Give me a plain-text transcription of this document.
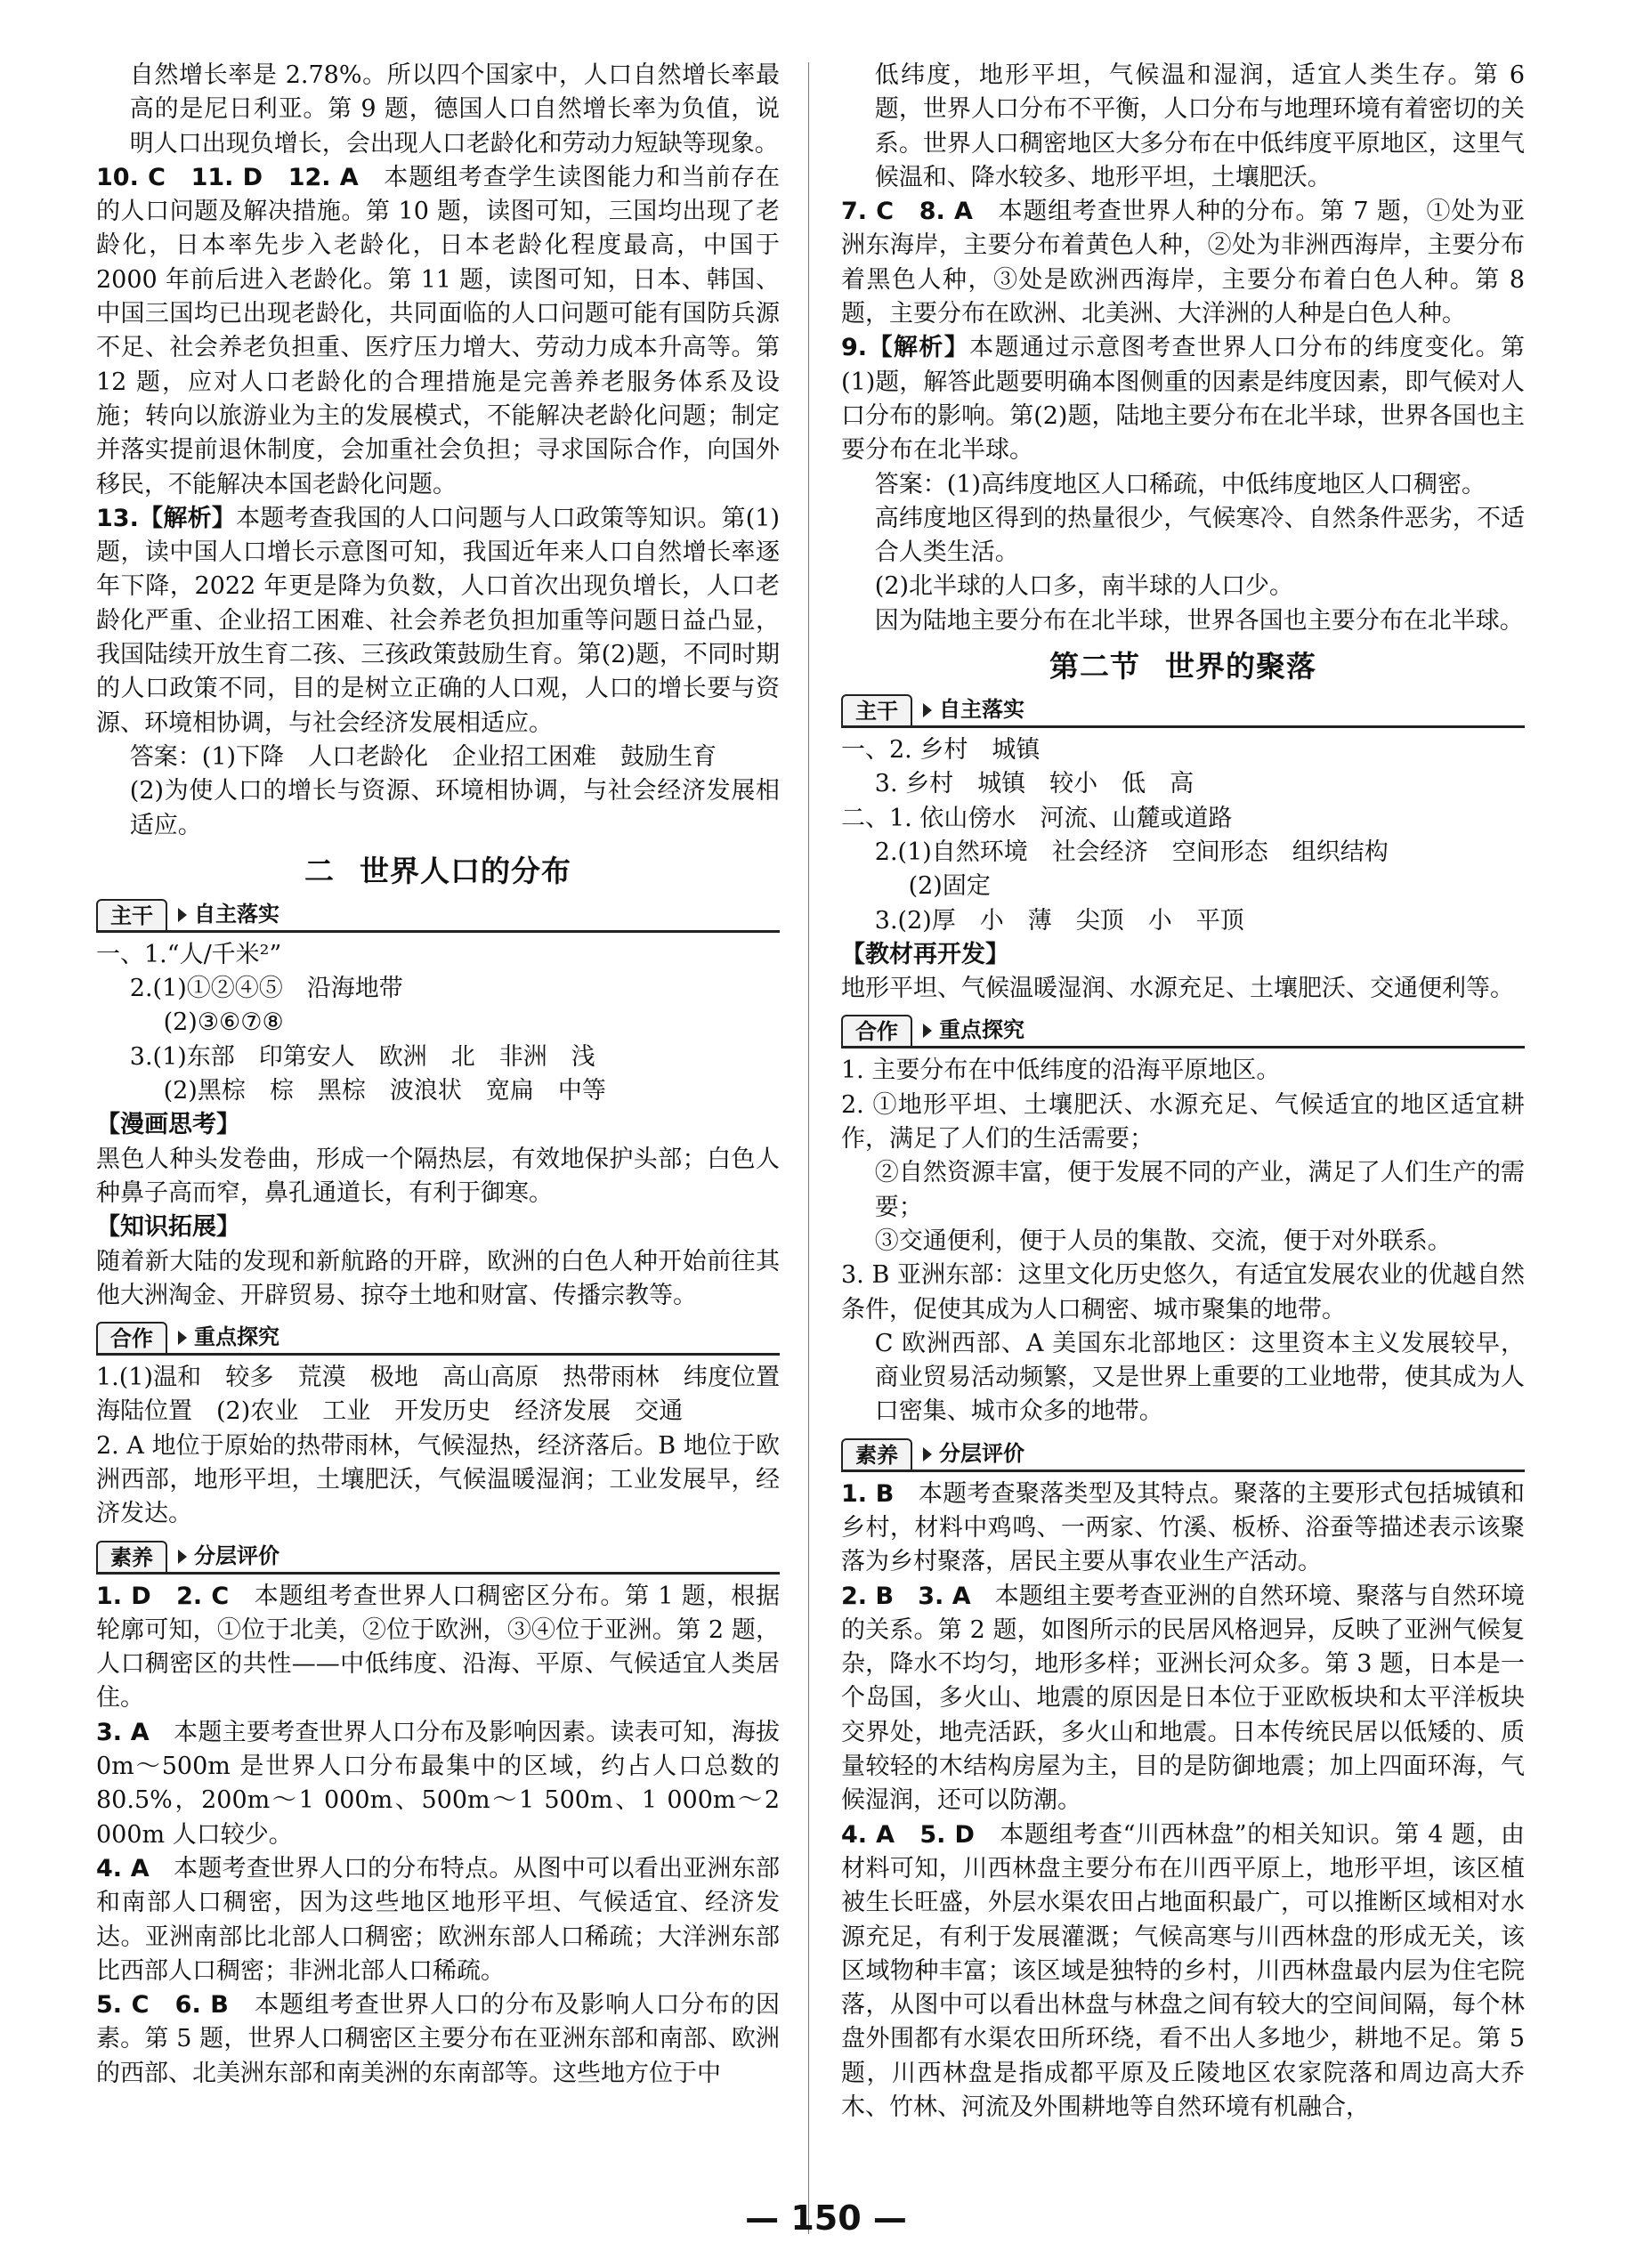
自然增长率是 2.78%。所以四个国家中，人口自然增长率最高的是尼日利亚。第 9 题，德国人口自然增长率为负值，说明人口出现负增长，会出现人口老龄化和劳动力短缺等现象。

10. C　11. D　12. A　 本题组考查学生读图能力和当前存在的人口问题及解决措施。第 10 题，读图可知，三国均出现了老龄化，日本率先步入老龄化，日本老龄化程度最高，中国于 2000 年前后进入老龄化。第 11 题，读图可知，日本、韩国、中国三国均已出现老龄化，共同面临的人口问题可能有国防兵源不足、社会养老负担重、医疗压力增大、劳动力成本升高等。第 12 题，应对人口老龄化的合理措施是完善养老服务体系及设施；转向以旅游业为主的发展模式，不能解决老龄化问题；制定并落实提前退休制度，会加重社会负担；寻求国际合作，向国外移民，不能解决本国老龄化问题。

13.【解析】本题考查我国的人口问题与人口政策等知识。第(1)题，读中国人口增长示意图可知，我国近年来人口自然增长率逐年下降，2022 年更是降为负数，人口首次出现负增长，人口老龄化严重、企业招工困难、社会养老负担加重等问题日益凸显，我国陆续开放生育二孩、三孩政策鼓励生育。第(2)题，不同时期的人口政策不同，目的是树立正确的人口观，人口的增长要与资源、环境相协调，与社会经济发展相适应。

答案：(1)下降　人口老龄化　企业招工困难　鼓励生育

(2)为使人口的增长与资源、环境相协调，与社会经济发展相适应。

二 世界人口的分布
主干	自主落实

一、1.“人/千米²”

2.(1)①②④⑤　沿海地带

(2)③⑥⑦⑧

3.(1)东部　印第安人　欧洲　北　非洲　浅

(2)黑棕　棕　黑棕　波浪状　宽扁　中等

【漫画思考】

黑色人种头发卷曲，形成一个隔热层，有效地保护头部；白色人种鼻子高而窄，鼻孔通道长，有利于御寒。

【知识拓展】

随着新大陆的发现和新航路的开辟，欧洲的白色人种开始前往其他大洲淘金、开辟贸易、掠夺土地和财富、传播宗教等。

合作	重点探究

1.(1)温和　较多　荒漠　极地　高山高原　热带雨林　纬度位置　海陆位置　(2)农业　工业　开发历史　经济发展　交通

2. A 地位于原始的热带雨林，气候湿热，经济落后。B 地位于欧洲西部，地形平坦，土壤肥沃，气候温暖湿润；工业发展早，经济发达。

素养	分层评价

1. D　2. C　 本题组考查世界人口稠密区分布。第 1 题，根据轮廓可知，①位于北美，②位于欧洲，③④位于亚洲。第 2 题，人口稠密区的共性——中低纬度、沿海、平原、气候适宜人类居住。

3. A　 本题主要考查世界人口分布及影响因素。读表可知，海拔 0m～500m 是世界人口分布最集中的区域，约占人口总数的 80.5%，200m～1 000m、500m～1 500m、1 000m～2 000m 人口较少。

4. A　 本题考查世界人口的分布特点。从图中可以看出亚洲东部和南部人口稠密，因为这些地区地形平坦、气候适宜、经济发达。亚洲南部比北部人口稠密；欧洲东部人口稀疏；大洋洲东部比西部人口稠密；非洲北部人口稀疏。

5. C　6. B　 本题组考查世界人口的分布及影响人口分布的因素。第 5 题，世界人口稠密区主要分布在亚洲东部和南部、欧洲的西部、北美洲东部和南美洲的东南部等。这些地方位于中

低纬度，地形平坦，气候温和湿润，适宜人类生存。第 6 题，世界人口分布不平衡，人口分布与地理环境有着密切的关系。世界人口稠密地区大多分布在中低纬度平原地区，这里气候温和、降水较多、地形平坦，土壤肥沃。

7. C　8. A　 本题组考查世界人种的分布。第 7 题，①处为亚洲东海岸，主要分布着黄色人种，②处为非洲西海岸，主要分布着黑色人种，③处是欧洲西海岸，主要分布着白色人种。第 8 题，主要分布在欧洲、北美洲、大洋洲的人种是白色人种。

9.【解析】本题通过示意图考查世界人口分布的纬度变化。第(1)题，解答此题要明确本图侧重的因素是纬度因素，即气候对人口分布的影响。第(2)题，陆地主要分布在北半球，世界各国也主要分布在北半球。

答案：(1)高纬度地区人口稀疏，中低纬度地区人口稠密。

高纬度地区得到的热量很少，气候寒冷、自然条件恶劣，不适合人类生活。

(2)北半球的人口多，南半球的人口少。

因为陆地主要分布在北半球，世界各国也主要分布在北半球。

第二节 世界的聚落
主干	自主落实

一、2. 乡村　城镇

3. 乡村　城镇　较小　低　高

二、1. 依山傍水　河流、山麓或道路

2.(1)自然环境　社会经济　空间形态　组织结构

(2)固定

3.(2)厚　小　薄　尖顶　小　平顶

【教材再开发】

地形平坦、气候温暖湿润、水源充足、土壤肥沃、交通便利等。

合作	重点探究

1. 主要分布在中低纬度的沿海平原地区。

2. ①地形平坦、土壤肥沃、水源充足、气候适宜的地区适宜耕作，满足了人们的生活需要；

②自然资源丰富，便于发展不同的产业，满足了人们生产的需要；

③交通便利，便于人员的集散、交流，便于对外联系。

3. B 亚洲东部：这里文化历史悠久，有适宜发展农业的优越自然条件，促使其成为人口稠密、城市聚集的地带。

C 欧洲西部、A 美国东北部地区：这里资本主义发展较早，商业贸易活动频繁，又是世界上重要的工业地带，使其成为人口密集、城市众多的地带。

素养	分层评价

1. B　 本题考查聚落类型及其特点。聚落的主要形式包括城镇和乡村，材料中鸡鸣、一两家、竹溪、板桥、浴蚕等描述表示该聚落为乡村聚落，居民主要从事农业生产活动。

2. B　3. A　 本题组主要考查亚洲的自然环境、聚落与自然环境的关系。第 2 题，如图所示的民居风格迥异，反映了亚洲气候复杂，降水不均匀，地形多样；亚洲长河众多。第 3 题，日本是一个岛国，多火山、地震的原因是日本位于亚欧板块和太平洋板块交界处，地壳活跃，多火山和地震。日本传统民居以低矮的、质量较轻的木结构房屋为主，目的是防御地震；加上四面环海，气候湿润，还可以防潮。

4. A　5. D　 本题组考查“川西林盘”的相关知识。第 4 题，由材料可知，川西林盘主要分布在川西平原上，地形平坦，该区植被生长旺盛，外层水渠农田占地面积最广，可以推断区域相对水源充足，有利于发展灌溉；气候高寒与川西林盘的形成无关，该区域物种丰富；该区域是独特的乡村，川西林盘最内层为住宅院落，从图中可以看出林盘与林盘之间有较大的空间间隔，每个林盘外围都有水渠农田所环绕，看不出人多地少，耕地不足。第 5 题，川西林盘是指成都平原及丘陵地区农家院落和周边高大乔木、竹林、河流及外围耕地等自然环境有机融合，

— 150 —
